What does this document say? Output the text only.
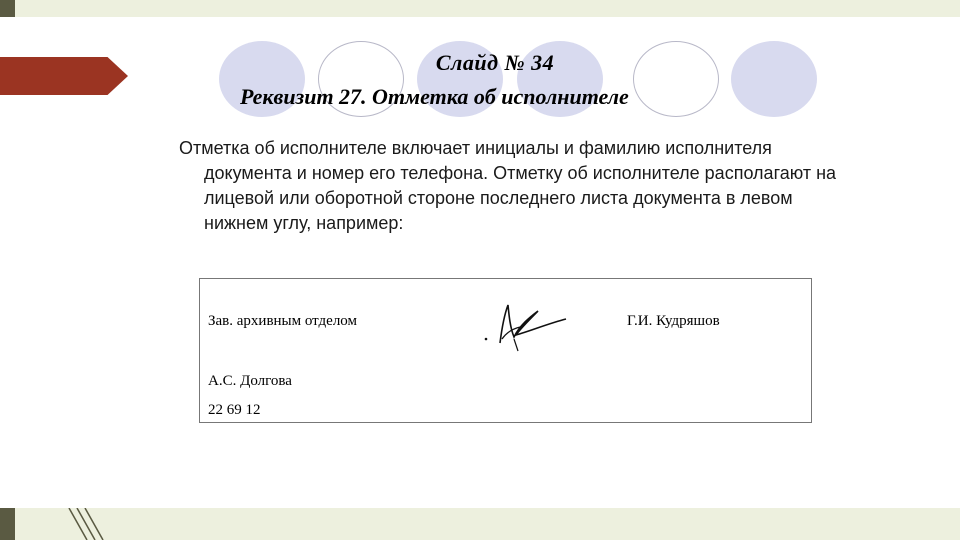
Слайд № 34
Реквизит 27. Отметка об исполнителе

Отметка об исполнителе включает инициалы и фамилию исполнителя документа и номер его телефона. Отметку об исполнителе располагают на лицевой или оборотной стороне последнего листа документа в левом нижнем углу, например:

Зав. архивным отделом	Г.И. Кудряшов
А.С. Долгова
22 69 12
